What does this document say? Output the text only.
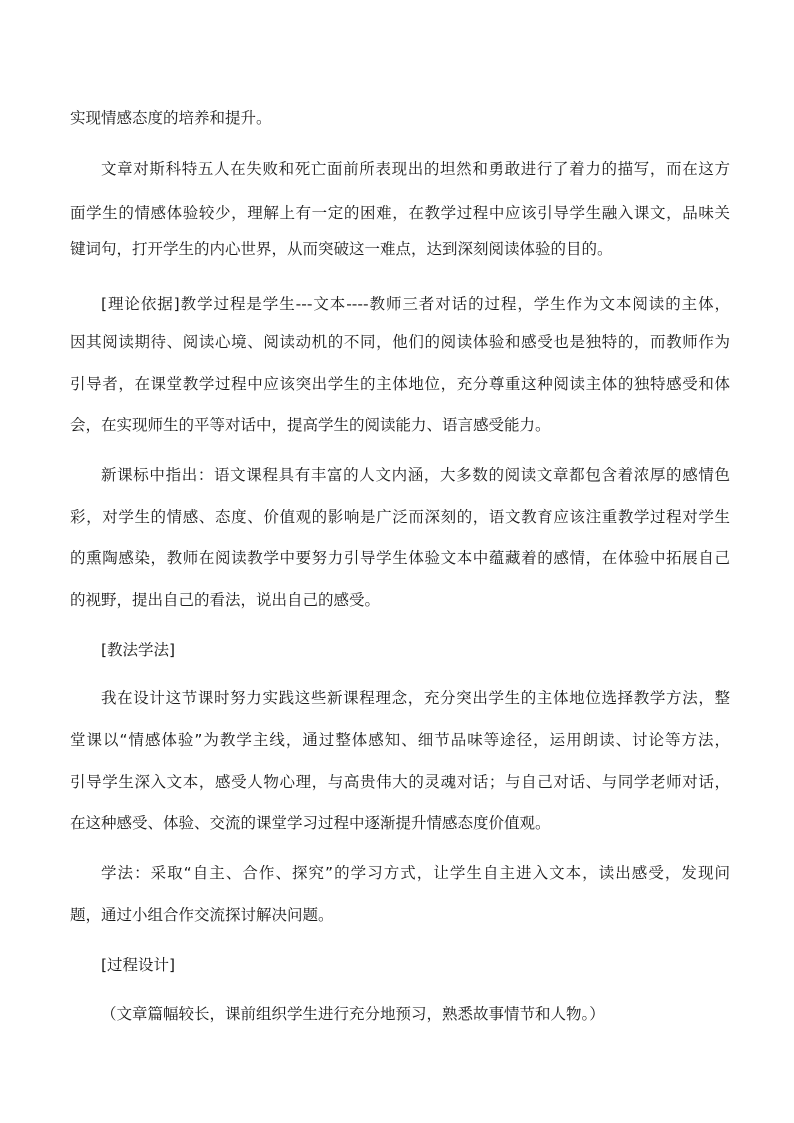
实现情感态度的培养和提升。
文章对斯科特五人在失败和死亡面前所表现出的坦然和勇敢进行了着力的描写，而在这方
面学生的情感体验较少，理解上有一定的困难，在教学过程中应该引导学生融入课文，品味关
键词句，打开学生的内心世界，从而突破这一难点，达到深刻阅读体验的目的。
[理论依据]教学过程是学生---文本----教师三者对话的过程，学生作为文本阅读的主体，
因其阅读期待、阅读心境、阅读动机的不同，他们的阅读体验和感受也是独特的，而教师作为
引导者，在课堂教学过程中应该突出学生的主体地位，充分尊重这种阅读主体的独特感受和体
会，在实现师生的平等对话中，提高学生的阅读能力、语言感受能力。
新课标中指出：语文课程具有丰富的人文内涵，大多数的阅读文章都包含着浓厚的感情色
彩，对学生的情感、态度、价值观的影响是广泛而深刻的，语文教育应该注重教学过程对学生
的熏陶感染，教师在阅读教学中要努力引导学生体验文本中蕴藏着的感情，在体验中拓展自己
的视野，提出自己的看法，说出自己的感受。
[教法学法]
我在设计这节课时努力实践这些新课程理念，充分突出学生的主体地位选择教学方法，整
堂课以“情感体验”为教学主线，通过整体感知、细节品味等途径，运用朗读、讨论等方法，
引导学生深入文本，感受人物心理，与高贵伟大的灵魂对话；与自己对话、与同学老师对话，
在这种感受、体验、交流的课堂学习过程中逐渐提升情感态度价值观。
学法：采取“自主、合作、探究”的学习方式，让学生自主进入文本，读出感受，发现问
题，通过小组合作交流探讨解决问题。
[过程设计]
（文章篇幅较长，课前组织学生进行充分地预习，熟悉故事情节和人物。）
